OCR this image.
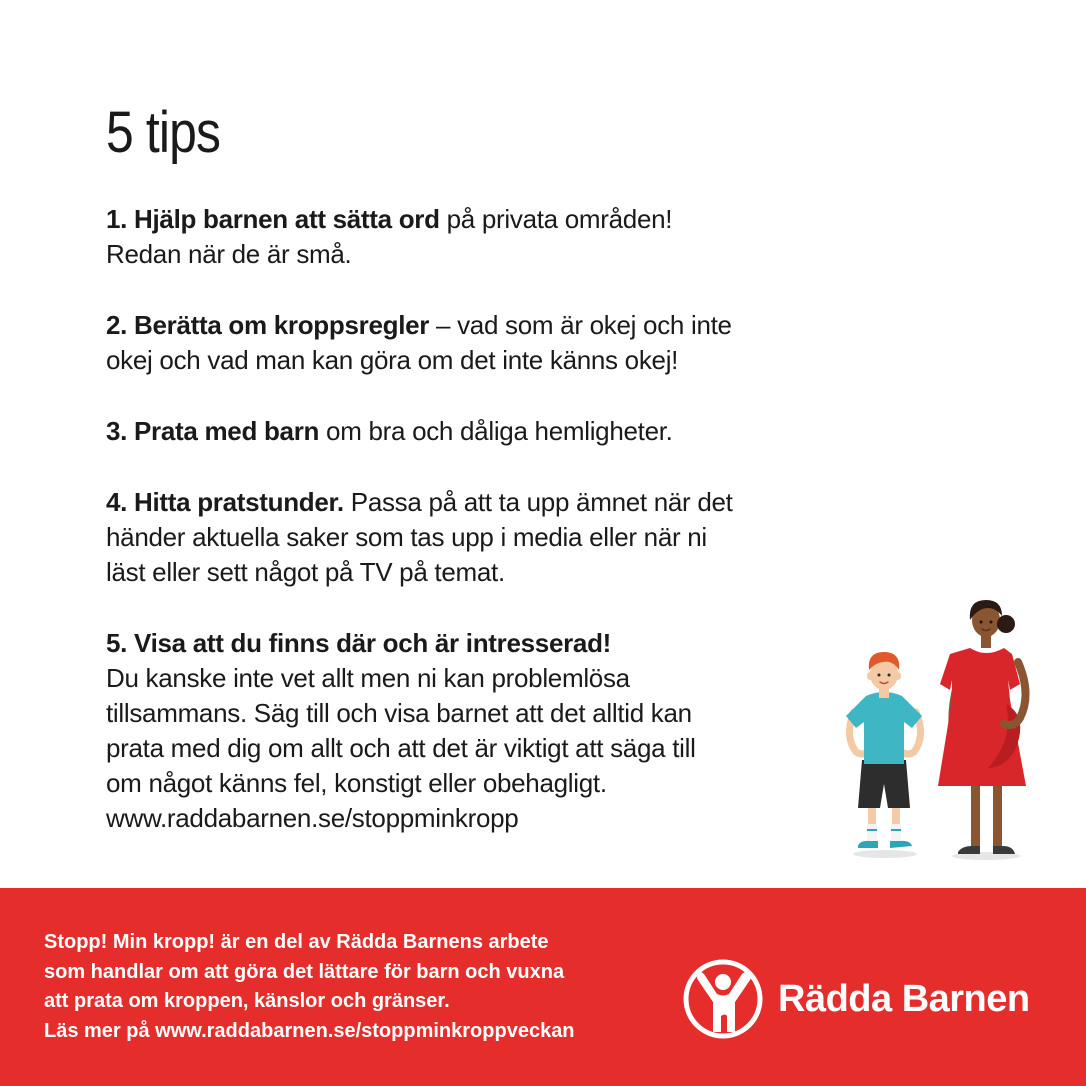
5 tips

1. Hjälp barnen att sätta ord på privata områden!
Redan när de är små.

2. Berätta om kroppsregler – vad som är okej och inte
okej och vad man kan göra om det inte känns okej!

3. Prata med barn om bra och dåliga hemligheter.

4. Hitta pratstunder. Passa på att ta upp ämnet när det
händer aktuella saker som tas upp i media eller när ni
läst eller sett något på TV på temat.

5. Visa att du finns där och är intresserad!
Du kanske inte vet allt men ni kan problemlösa
tillsammans. Säg till och visa barnet att det alltid kan
prata med dig om allt och att det är viktigt att säga till
om något känns fel, konstigt eller obehagligt.
www.raddabarnen.se/stoppminkropp

Stopp! Min kropp! är en del av Rädda Barnens arbete
som handlar om att göra det lättare för barn och vuxna
att prata om kroppen, känslor och gränser.
Läs mer på www.raddabarnen.se/stoppminkroppveckan
Rädda Barnen
